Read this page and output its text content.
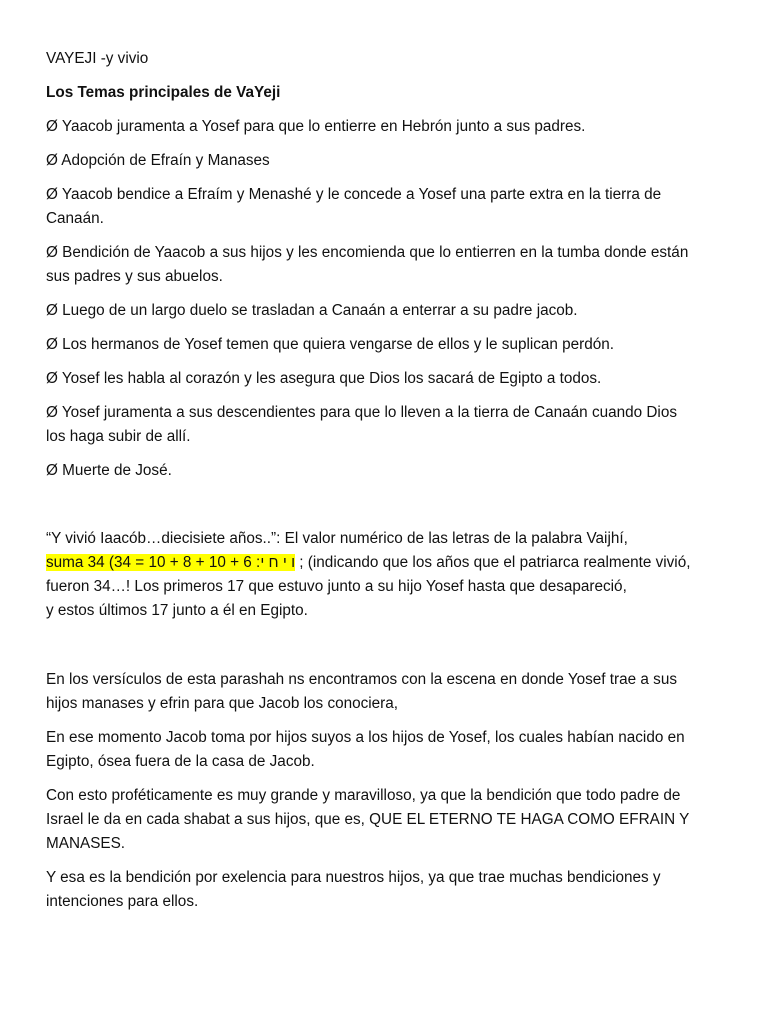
VAYEJI -y vivio

Los Temas principales de VaYeji

Ø Yaacob juramenta a Yosef para que lo entierre en Hebrón junto a sus padres.

Ø Adopción de Efraín y Manases

Ø Yaacob bendice a Efraím y Menashé y le concede a Yosef una parte extra en la tierra de

Canaán.

Ø Bendición de Yaacob a sus hijos y les encomienda que lo entierren en la tumba donde están

sus padres y sus abuelos.

Ø Luego de un largo duelo se trasladan a Canaán a enterrar a su padre jacob.

Ø Los hermanos de Yosef temen que quiera vengarse de ellos y le suplican perdón.

Ø Yosef les habla al corazón y les asegura que Dios los sacará de Egipto a todos.

Ø Yosef juramenta a sus descendientes para que lo lleven a la tierra de Canaán cuando Dios

los haga subir de allí.

Ø Muerte de José.

“Y vivió Iaacób…diecisiete años..”: El valor numérico de las letras de la palabra Vaijhí,

suma 34 (34 = 10 + 8 + 10 + 6 :ו י ח י ; (indicando que los años que el patriarca realmente vivió,

fueron 34…! Los primeros 17 que estuvo junto a su hijo Yosef hasta que desapareció,

y estos últimos 17 junto a él en Egipto.

En los versículos de esta parashah ns encontramos con la escena en donde Yosef trae a sus

hijos manases y efrin para que Jacob los conociera,

En ese momento Jacob toma por hijos suyos a los hijos de Yosef, los cuales habían nacido en

Egipto, ósea fuera de la casa de Jacob.

Con esto proféticamente es muy grande y maravilloso, ya que la bendición que todo padre de

Israel le da en cada shabat a sus hijos, que es, QUE EL ETERNO TE HAGA COMO EFRAIN Y

MANASES.

Y esa es la bendición por exelencia para nuestros hijos, ya que trae muchas bendiciones y

intenciones para ellos.
